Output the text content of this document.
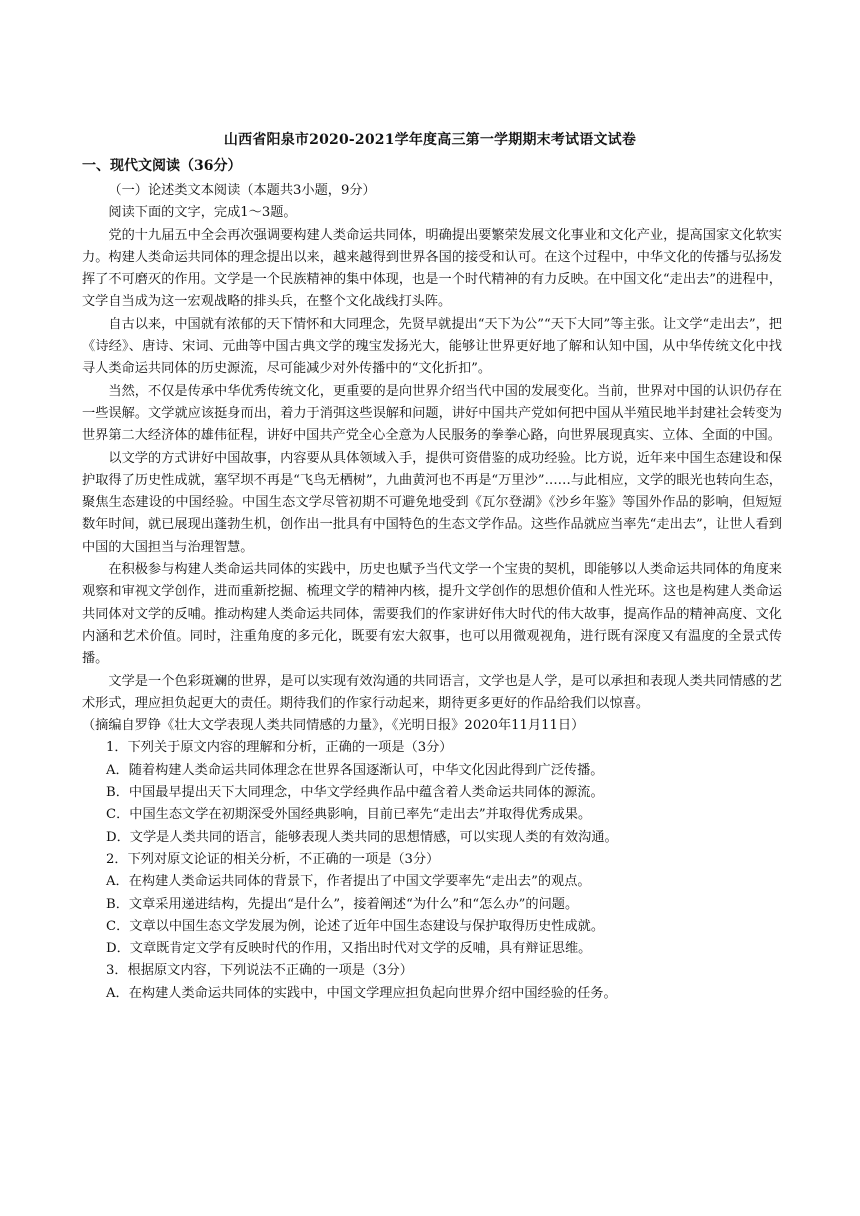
山西省阳泉市2020-2021学年度高三第一学期期末考试语文试卷
一、现代文阅读（36分）

（一）论述类文本阅读（本题共3小题，9分）

阅读下面的文字，完成1～3题。

党的十九届五中全会再次强调要构建人类命运共同体，明确提出要繁荣发展文化事业和文化产业，提高国家文化软实力。构建人类命运共同体的理念提出以来，越来越得到世界各国的接受和认可。在这个过程中，中华文化的传播与弘扬发挥了不可磨灭的作用。文学是一个民族精神的集中体现，也是一个时代精神的有力反映。在中国文化“走出去”的进程中，文学自当成为这一宏观战略的排头兵，在整个文化战线打头阵。

自古以来，中国就有浓郁的天下情怀和大同理念，先贤早就提出“天下为公”“天下大同”等主张。让文学“走出去”，把《诗经》、唐诗、宋词、元曲等中国古典文学的瑰宝发扬光大，能够让世界更好地了解和认知中国，从中华传统文化中找寻人类命运共同体的历史源流，尽可能减少对外传播中的“文化折扣”。

当然，不仅是传承中华优秀传统文化，更重要的是向世界介绍当代中国的发展变化。当前，世界对中国的认识仍存在一些误解。文学就应该挺身而出，着力于消弭这些误解和问题，讲好中国共产党如何把中国从半殖民地半封建社会转变为世界第二大经济体的雄伟征程，讲好中国共产党全心全意为人民服务的拳拳心路，向世界展现真实、立体、全面的中国。

以文学的方式讲好中国故事，内容要从具体领域入手，提供可资借鉴的成功经验。比方说，近年来中国生态建设和保护取得了历史性成就，塞罕坝不再是“飞鸟无栖树”，九曲黄河也不再是“万里沙”……与此相应，文学的眼光也转向生态，聚焦生态建设的中国经验。中国生态文学尽管初期不可避免地受到《瓦尔登湖》《沙乡年鉴》等国外作品的影响，但短短数年时间，就已展现出蓬勃生机，创作出一批具有中国特色的生态文学作品。这些作品就应当率先“走出去”，让世人看到中国的大国担当与治理智慧。

在积极参与构建人类命运共同体的实践中，历史也赋予当代文学一个宝贵的契机，即能够以人类命运共同体的角度来观察和审视文学创作，进而重新挖掘、梳理文学的精神内核，提升文学创作的思想价值和人性光环。这也是构建人类命运共同体对文学的反哺。推动构建人类命运共同体，需要我们的作家讲好伟大时代的伟大故事，提高作品的精神高度、文化内涵和艺术价值。同时，注重角度的多元化，既要有宏大叙事，也可以用微观视角，进行既有深度又有温度的全景式传播。

文学是一个色彩斑斓的世界，是可以实现有效沟通的共同语言，文学也是人学，是可以承担和表现人类共同情感的艺术形式，理应担负起更大的责任。期待我们的作家行动起来，期待更多更好的作品给我们以惊喜。

（摘编自罗铮《壮大文学表现人类共同情感的力量》，《光明日报》2020年11月11日）

1．下列关于原文内容的理解和分析，正确的一项是（3分）

A．随着构建人类命运共同体理念在世界各国逐渐认可，中华文化因此得到广泛传播。

B．中国最早提出天下大同理念，中华文学经典作品中蕴含着人类命运共同体的源流。

C．中国生态文学在初期深受外国经典影响，目前已率先“走出去”并取得优秀成果。

D．文学是人类共同的语言，能够表现人类共同的思想情感，可以实现人类的有效沟通。

2．下列对原文论证的相关分析，不正确的一项是（3分）

A．在构建人类命运共同体的背景下，作者提出了中国文学要率先“走出去”的观点。

B．文章采用递进结构，先提出“是什么”，接着阐述“为什么”和“怎么办”的问题。

C．文章以中国生态文学发展为例，论述了近年中国生态建设与保护取得历史性成就。

D．文章既肯定文学有反映时代的作用，又指出时代对文学的反哺，具有辩证思维。

3．根据原文内容，下列说法不正确的一项是（3分）

A．在构建人类命运共同体的实践中，中国文学理应担负起向世界介绍中国经验的任务。
